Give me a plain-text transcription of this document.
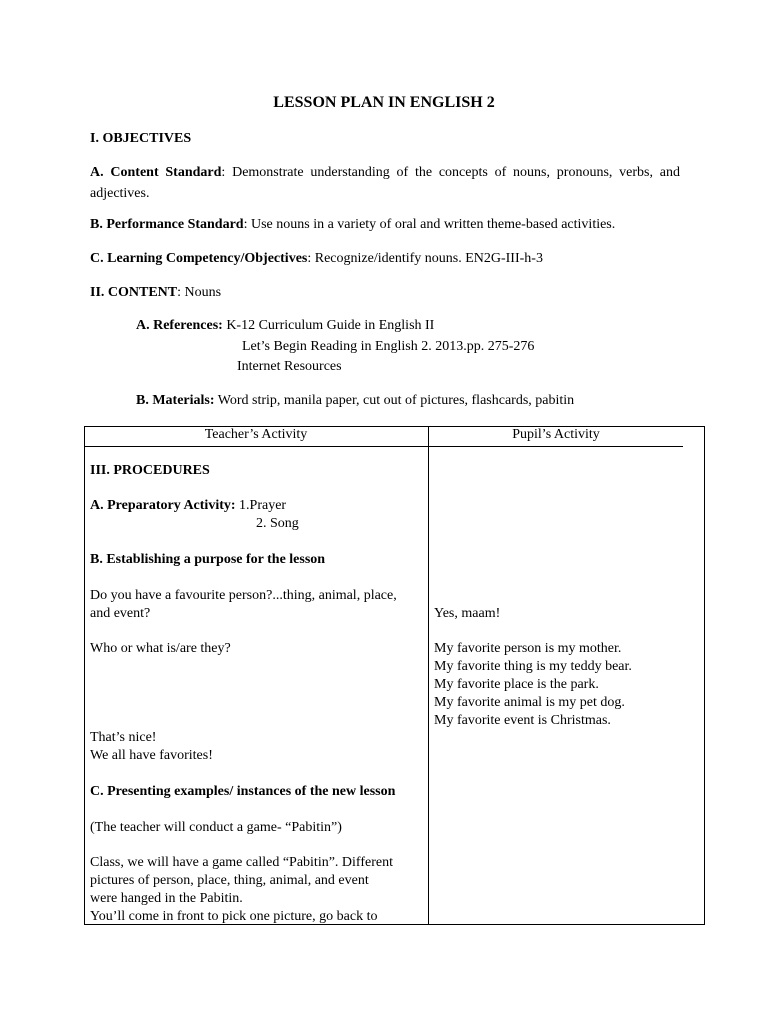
LESSON PLAN IN ENGLISH 2
I. OBJECTIVES
A. Content Standard: Demonstrate understanding of the concepts of nouns, pronouns, verbs, and adjectives.
B. Performance Standard: Use nouns in a variety of oral and written theme-based activities.
C. Learning Competency/Objectives: Recognize/identify nouns. EN2G-III-h-3
II. CONTENT: Nouns
A. References: K-12 Curriculum Guide in English II
Let’s Begin Reading in English 2. 2013.pp. 275-276
Internet Resources
B. Materials: Word strip, manila paper, cut out of pictures, flashcards, pabitin
Teacher’s Activity	Pupil’s Activity
III. PROCEDURES
A. Preparatory Activity: 1.Prayer
2. Song
B. Establishing a purpose for the lesson
Do you have a favourite person?...thing, animal, place,
and event?
Who or what is/are they?
That’s nice!
We all have favorites!
C. Presenting examples/ instances of the new lesson
(The teacher will conduct a game- “Pabitin”)
Class, we will have a game called “Pabitin”. Different
pictures of person, place, thing, animal, and event
were hanged in the Pabitin.
You’ll come in front to pick one picture, go back to
Yes, maam!
My favorite person is my mother.
My favorite thing is my teddy bear.
My favorite place is the park.
My favorite animal is my pet dog.
My favorite event is Christmas.
